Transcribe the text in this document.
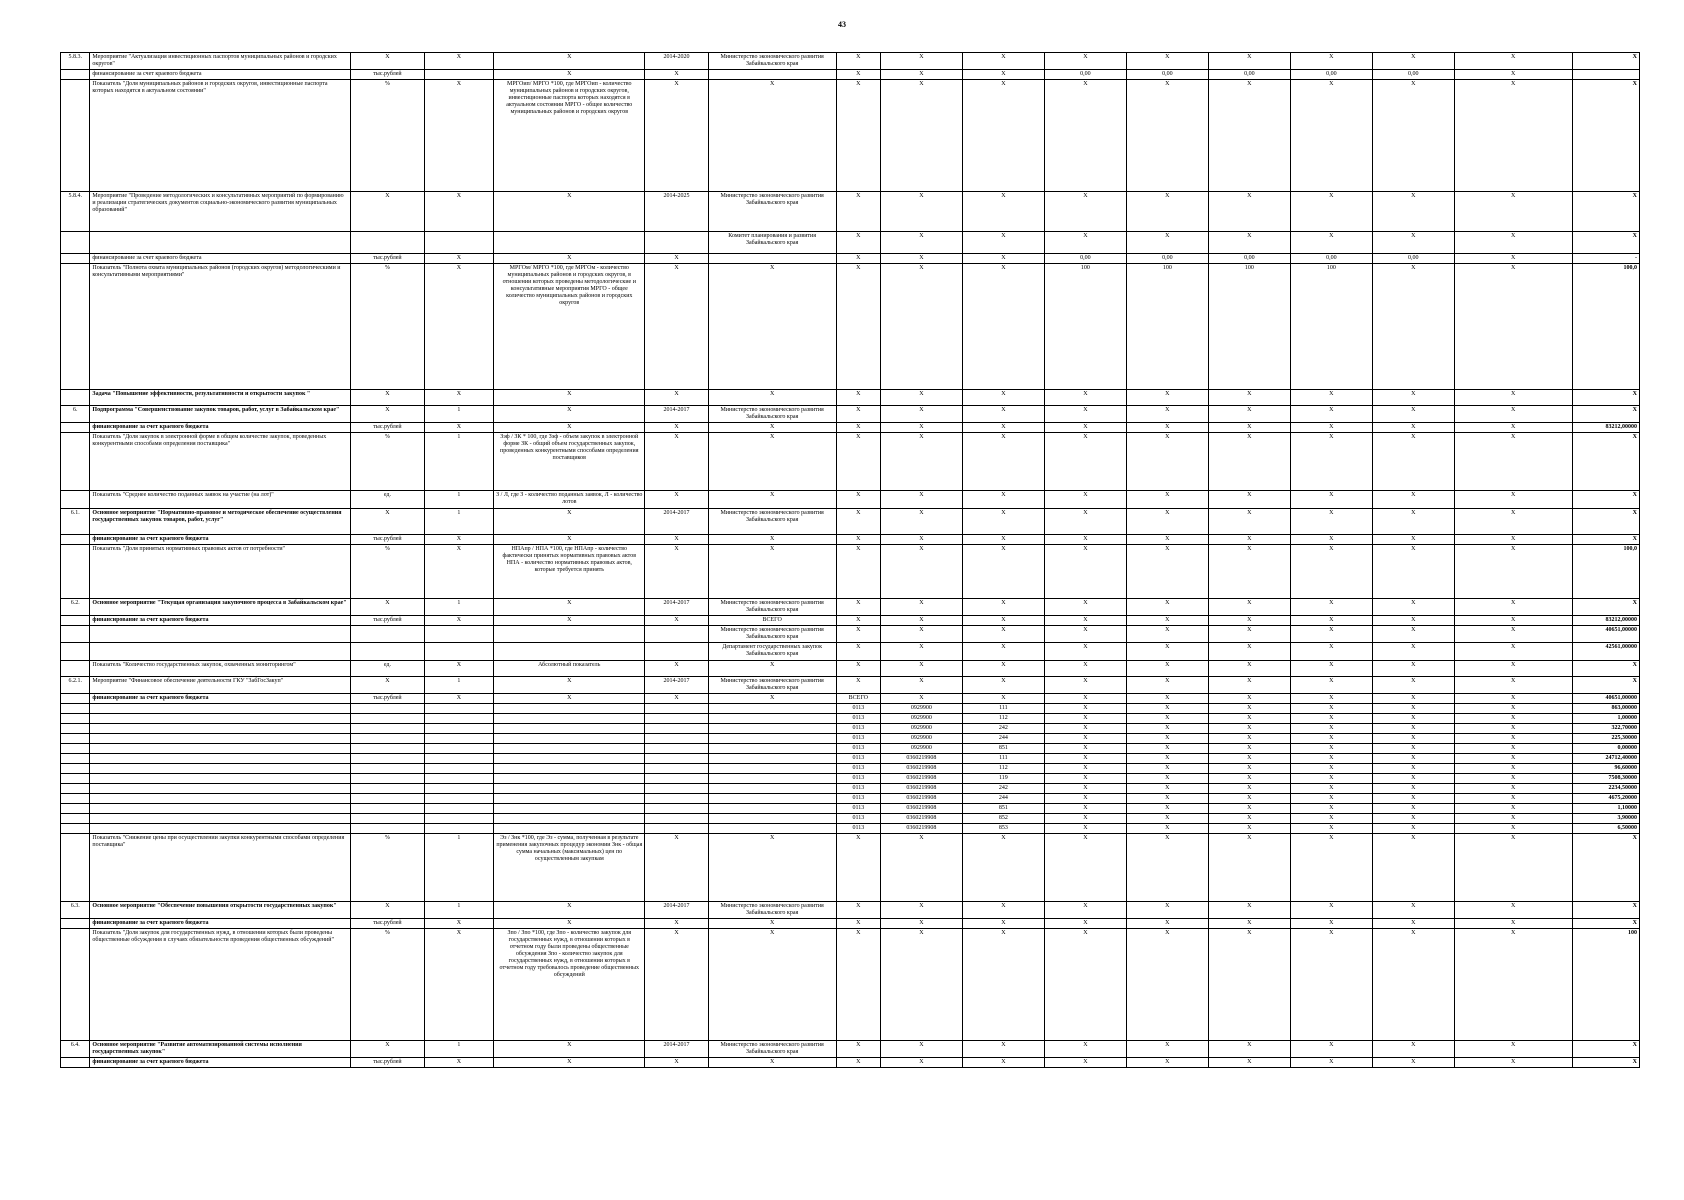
43
5.8.3.	Мероприятие "Актуализация инвестиционных паспортов муниципальных районов и городских округов"	X	X	X	2014-2020	Министерство экономического развития Забайкальского края	X	X	X	X	X	X	X	X	X	X
	финансирование за счет краевого бюджета	тыс.рублей		X	X		X	X	X	0,00	0,00	0,00	0,00	0,00	X	
	Показатель "Доля муниципальных районов и городских округов, инвестиционные паспорта которых находятся в актуальном состоянии"	%	X	МРГОип/ МРГО *100, где МРГОип - количество муниципальных районов и городских округов, инвестиционные паспорта которых находятся в актуальном состоянии МРГО - общее количество муниципальных районов и городских округов	X	X	X	X	X	X	X	X	X	X	X	X
5.8.4.	Мероприятие "Проведение методологических и консультативных мероприятий по формированию и реализации стратегических документов социально-экономического развития муниципальных образований"	X	X	X	2014-2025	Министерство экономического развития Забайкальского края	X	X	X	X	X	X	X	X	X	X
						Комитет планирования и развития Забайкальского края	X	X	X	X	X	X	X	X	X	X
	финансирование за счет краевого бюджета	тыс.рублей	X	X	X		X	X	X	0,00	0,00	0,00	0,00	0,00	X	-
	Показатель "Полнота охвата муниципальных районов (городских округов) методологическими и консультативными мероприятиями"	%	X	МРГОм/ МРГО *100, где МРГОм - количество муниципальных районов и городских округов, в отношении которых проведены методологические и консультативные мероприятия МРГО - общее количество муниципальных районов и городских округов	X	X	X	X	X	100	100	100	100	X	X	100,0
	Задача "Повышение эффективности, результативности и открытости закупок "	X	X	X	X	X	X	X	X	X	X	X	X	X	X	X
6.	Подпрограмма "Совершенствование закупок товаров, работ, услуг в Забайкальском крае"	X	1	X	2014-2017	Министерство экономического развития Забайкальского края	X	X	X	X	X	X	X	X	X	X
	финансирование за счет краевого бюджета	тыс.рублей	X	X	X	X	X	X	X	X	X	X	X	X	X	83212,00000
	Показатель "Доля закупок в электронной форме в общем количестве закупок, проведенных конкурентными способами определения поставщика"	%	1	Зэф / ЗК * 100, где Зэф - объем закупок в электронной форме ЗК - общий объем государственных закупок, проведенных конкурентными способами определения поставщиков	X	X	X	X	X	X	X	X	X	X	X	X
	Показатель "Среднее количество поданных заявок на участие (на лот)"	ед.	1	З / Л, где З - количество поданных заявок, Л - количество лотов	X	X	X	X	X	X	X	X	X	X	X	X
6.1.	Основное мероприятие "Нормативно-правовое и методическое обеспечение осуществления государственных закупок товаров, работ, услуг"	X	1	X	2014-2017	Министерство экономического развития Забайкальского края	X	X	X	X	X	X	X	X	X	X
	финансирование за счет краевого бюджета	тыс.рублей	X	X	X	X	X	X	X	X	X	X	X	X	X	X
	Показатель "Доля принятых нормативных правовых актов от потребности"	%	X	НПАпр / НПА *100, где НПАпр - количество фактически принятых нормативных правовых актов НПА - количество нормативных правовых актов, которые требуется принять	X	X	X	X	X	X	X	X	X	X	X	100,0
6.2.	Основное мероприятие "Текущая организация закупочного процесса в Забайкальском крае"	X	1	X	2014-2017	Министерство экономического развития Забайкальского края	X	X	X	X	X	X	X	X	X	X
	финансирование за счет краевого бюджета	тыс.рублей	X	X	X	ВСЕГО	X	X	X	X	X	X	X	X	X	83212,00000
						Министерство экономического развития Забайкальского края	X	X	X	X	X	X	X	X	X	40651,00000
						Департамент государственных закупок Забайкальского края	X	X	X	X	X	X	X	X	X	42561,00000
	Показатель "Количество государственных закупок, охваченных мониторингом"	ед.	X	Абсолютный показатель	X	X	X	X	X	X	X	X	X	X	X	X
6.2.1.	Мероприятие "Финансовое обеспечение деятельности ГКУ "ЗабГосЗакуп"	X	1	X	2014-2017	Министерство экономического развития Забайкальского края	X	X	X	X	X	X	X	X	X	X
	финансирование за счет краевого бюджета	тыс.рублей	X	X	X	X	ВСЕГО	X	X	X	X	X	X	X	X	40651,00000
							0113	0929900	111	X	X	X	X	X	X	863,00000
							0113	0929900	112	X	X	X	X	X	X	1,00000
							0113	0929900	242	X	X	X	X	X	X	322,70000
							0113	0929900	244	X	X	X	X	X	X	225,30000
							0113	0929900	851	X	X	X	X	X	X	0,00000
							0113	0360219908	111	X	X	X	X	X	X	24712,40000
							0113	0360219908	112	X	X	X	X	X	X	96,60000
							0113	0360219908	119	X	X	X	X	X	X	7508,30000
							0113	0360219908	242	X	X	X	X	X	X	2234,50000
							0113	0360219908	244	X	X	X	X	X	X	4675,20000
							0113	0360219908	851	X	X	X	X	X	X	1,10000
							0113	0360219908	852	X	X	X	X	X	X	3,90000
							0113	0360219908	853	X	X	X	X	X	X	6,50000
	Показатель "Снижение цены при осуществлении закупки конкурентными способами определения поставщика"	%	1	Эз / Знк *100, где Эз - сумма, полученная в результате применения закупочных процедур экономии Знк - общая сумма начальных (максимальных) цен по осуществленным закупкам	X	X	X	X	X	X	X	X	X	X	X	X
6.3.	Основное мероприятие "Обеспечение повышения открытости государственных закупок"	X	1	X	2014-2017	Министерство экономического развития Забайкальского края	X	X	X	X	X	X	X	X	X	X
	финансирование за счет краевого бюджета	тыс.рублей	X	X	X	X	X	X	X	X	X	X	X	X	X	X
	Показатель "Доля закупок для государственных нужд, в отношении которых были проведены общественные обсуждения в случаях обязательности проведения общественных обсуждений"	%	X	Зпо / Зпо *100, где Зпо - количество закупок для государственных нужд, в отношении которых в отчетном году были проведены общественные обсуждения Зпо - количество закупок для государственных нужд, в отношении которых в отчетном году требовалось проведение общественных обсуждений	X	X	X	X	X	X	X	X	X	X	X	100
6.4.	Основное мероприятие "Развитие автоматизированной системы исполнения государственных закупок"	X	1	X	2014-2017	Министерство экономического развития Забайкальского края	X	X	X	X	X	X	X	X	X	X
	финансирование за счет краевого бюджета	тыс.рублей	X	X	X	X	X	X	X	X	X	X	X	X	X	X
